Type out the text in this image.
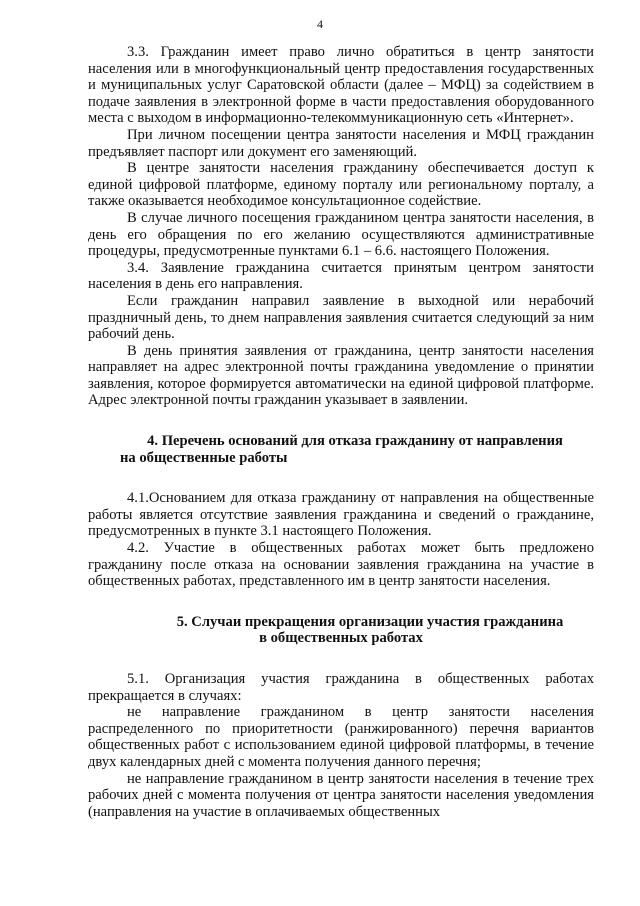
4

3.3. Гражданин имеет право лично обратиться в центр занятости населения или в многофункциональный центр предоставления государственных и муниципальных услуг Саратовской области (далее – МФЦ) за содействием в подаче заявления в электронной форме в части предоставления оборудованного места с выходом в информационно-телекоммуникационную сеть «Интернет».

При личном посещении центра занятости населения и МФЦ гражданин предъявляет паспорт или документ его заменяющий.

В центре занятости населения гражданину обеспечивается доступ к единой цифровой платформе, единому порталу или региональному порталу, а также оказывается необходимое консультационное содействие.

В случае личного посещения гражданином центра занятости населения, в день его обращения по его желанию осуществляются административные процедуры, предусмотренные пунктами 6.1 – 6.6. настоящего Положения.

3.4. Заявление гражданина считается принятым центром занятости населения в день его направления.

Если гражданин направил заявление в выходной или нерабочий праздничный день, то днем направления заявления считается следующий за ним рабочий день.

В день принятия заявления от гражданина, центр занятости населения направляет на адрес электронной почты гражданина уведомление о принятии заявления, которое формируется автоматически на единой цифровой платформе. Адрес электронной почты гражданин указывает в заявлении.

4. Перечень оснований для отказа гражданину от направления
на общественные работы

4.1.Основанием для отказа гражданину от направления на общественные работы является отсутствие заявления гражданина и сведений о гражданине, предусмотренных в пункте 3.1 настоящего Положения.

4.2. Участие в общественных работах может быть предложено гражданину после отказа на основании заявления гражданина на участие в общественных работах, представленного им в центр занятости населения.

5. Случаи прекращения организации участия гражданина
в общественных работах

5.1. Организация участия гражданина в общественных работах прекращается в случаях:

не направление гражданином в центр занятости населения распределенного по приоритетности (ранжированного) перечня вариантов общественных работ с использованием единой цифровой платформы, в течение двух календарных дней с момента получения данного перечня;

не направление гражданином в центр занятости населения в течение трех рабочих дней с момента получения от центра занятости населения уведомления (направления на участие в оплачиваемых общественных
